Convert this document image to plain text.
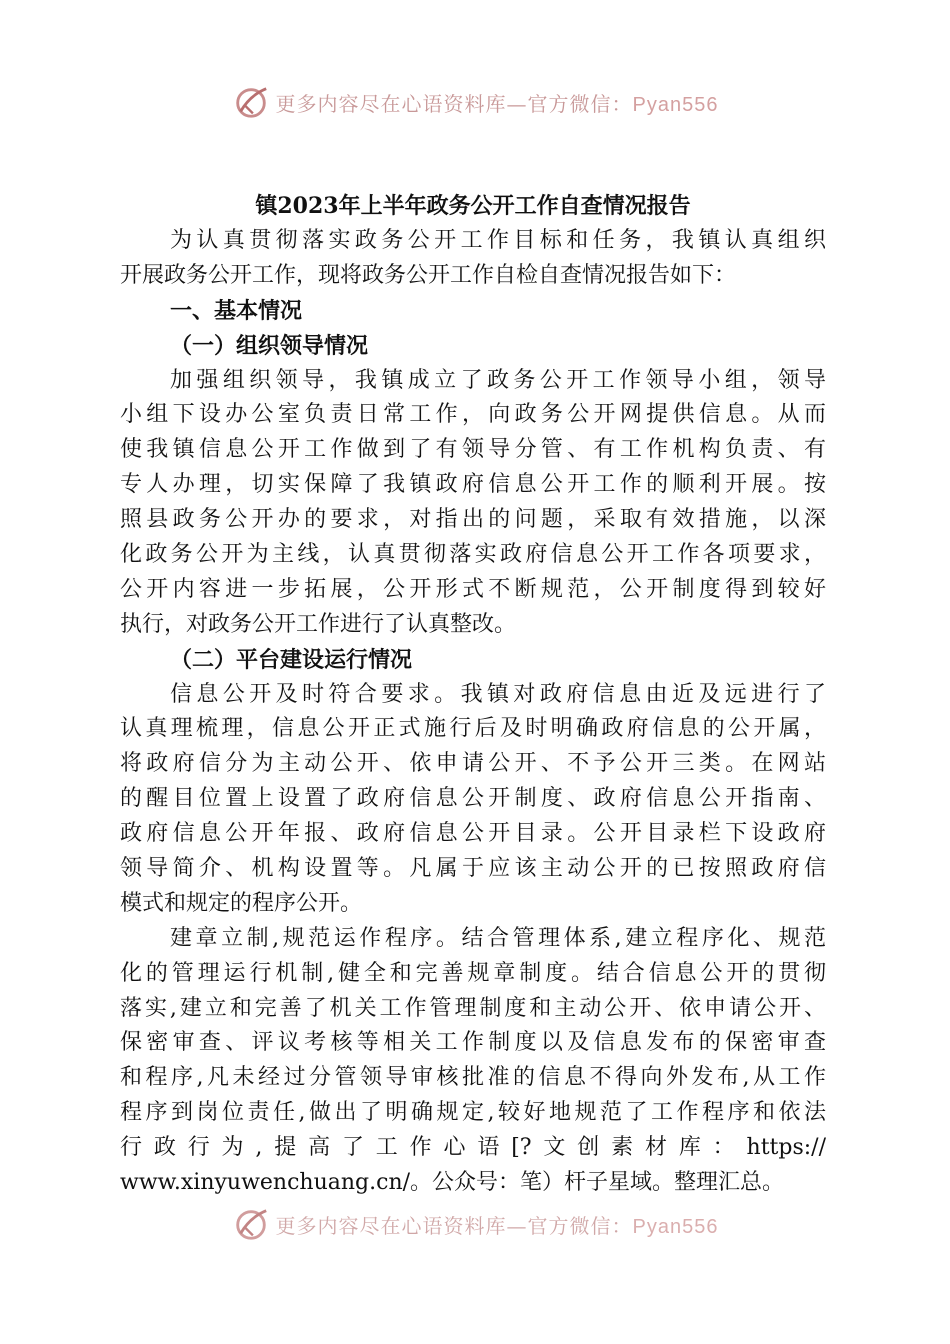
更多内容尽在心语资料库—官方微信：Pyan556
镇2023年上半年政务公开工作自查情况报告
为认真贯彻落实政务公开工作目标和任务，我镇认真组织
开展政务公开工作，现将政务公开工作自检自查情况报告如下：
一、基本情况
（一）组织领导情况
加强组织领导，我镇成立了政务公开工作领导小组，领导
小组下设办公室负责日常工作，向政务公开网提供信息。从而
使我镇信息公开工作做到了有领导分管、有工作机构负责、有
专人办理，切实保障了我镇政府信息公开工作的顺利开展。按
照县政务公开办的要求，对指出的问题，采取有效措施，以深
化政务公开为主线，认真贯彻落实政府信息公开工作各项要求，
公开内容进一步拓展，公开形式不断规范，公开制度得到较好
执行，对政务公开工作进行了认真整改。
（二）平台建设运行情况
信息公开及时符合要求。我镇对政府信息由近及远进行了
认真理梳理，信息公开正式施行后及时明确政府信息的公开属，
将政府信分为主动公开、依申请公开、不予公开三类。在网站
的醒目位置上设置了政府信息公开制度、政府信息公开指南、
政府信息公开年报、政府信息公开目录。公开目录栏下设政府
领导简介、机构设置等。凡属于应该主动公开的已按照政府信
模式和规定的程序公开。
建章立制,规范运作程序。结合管理体系,建立程序化、规范
化的管理运行机制,健全和完善规章制度。结合信息公开的贯彻
落实,建立和完善了机关工作管理制度和主动公开、依申请公开、
保密审查、评议考核等相关工作制度以及信息发布的保密审查
和程序,凡未经过分管领导审核批准的信息不得向外发布,从工作
程序到岗位责任,做出了明确规定,较好地规范了工作程序和依法
行政行为,提高了工作心语[?文创素材库：https://
www.xinyuwenchuang.cn/。公众号：笔）杆子星域。整理汇总。
更多内容尽在心语资料库—官方微信：Pyan556
